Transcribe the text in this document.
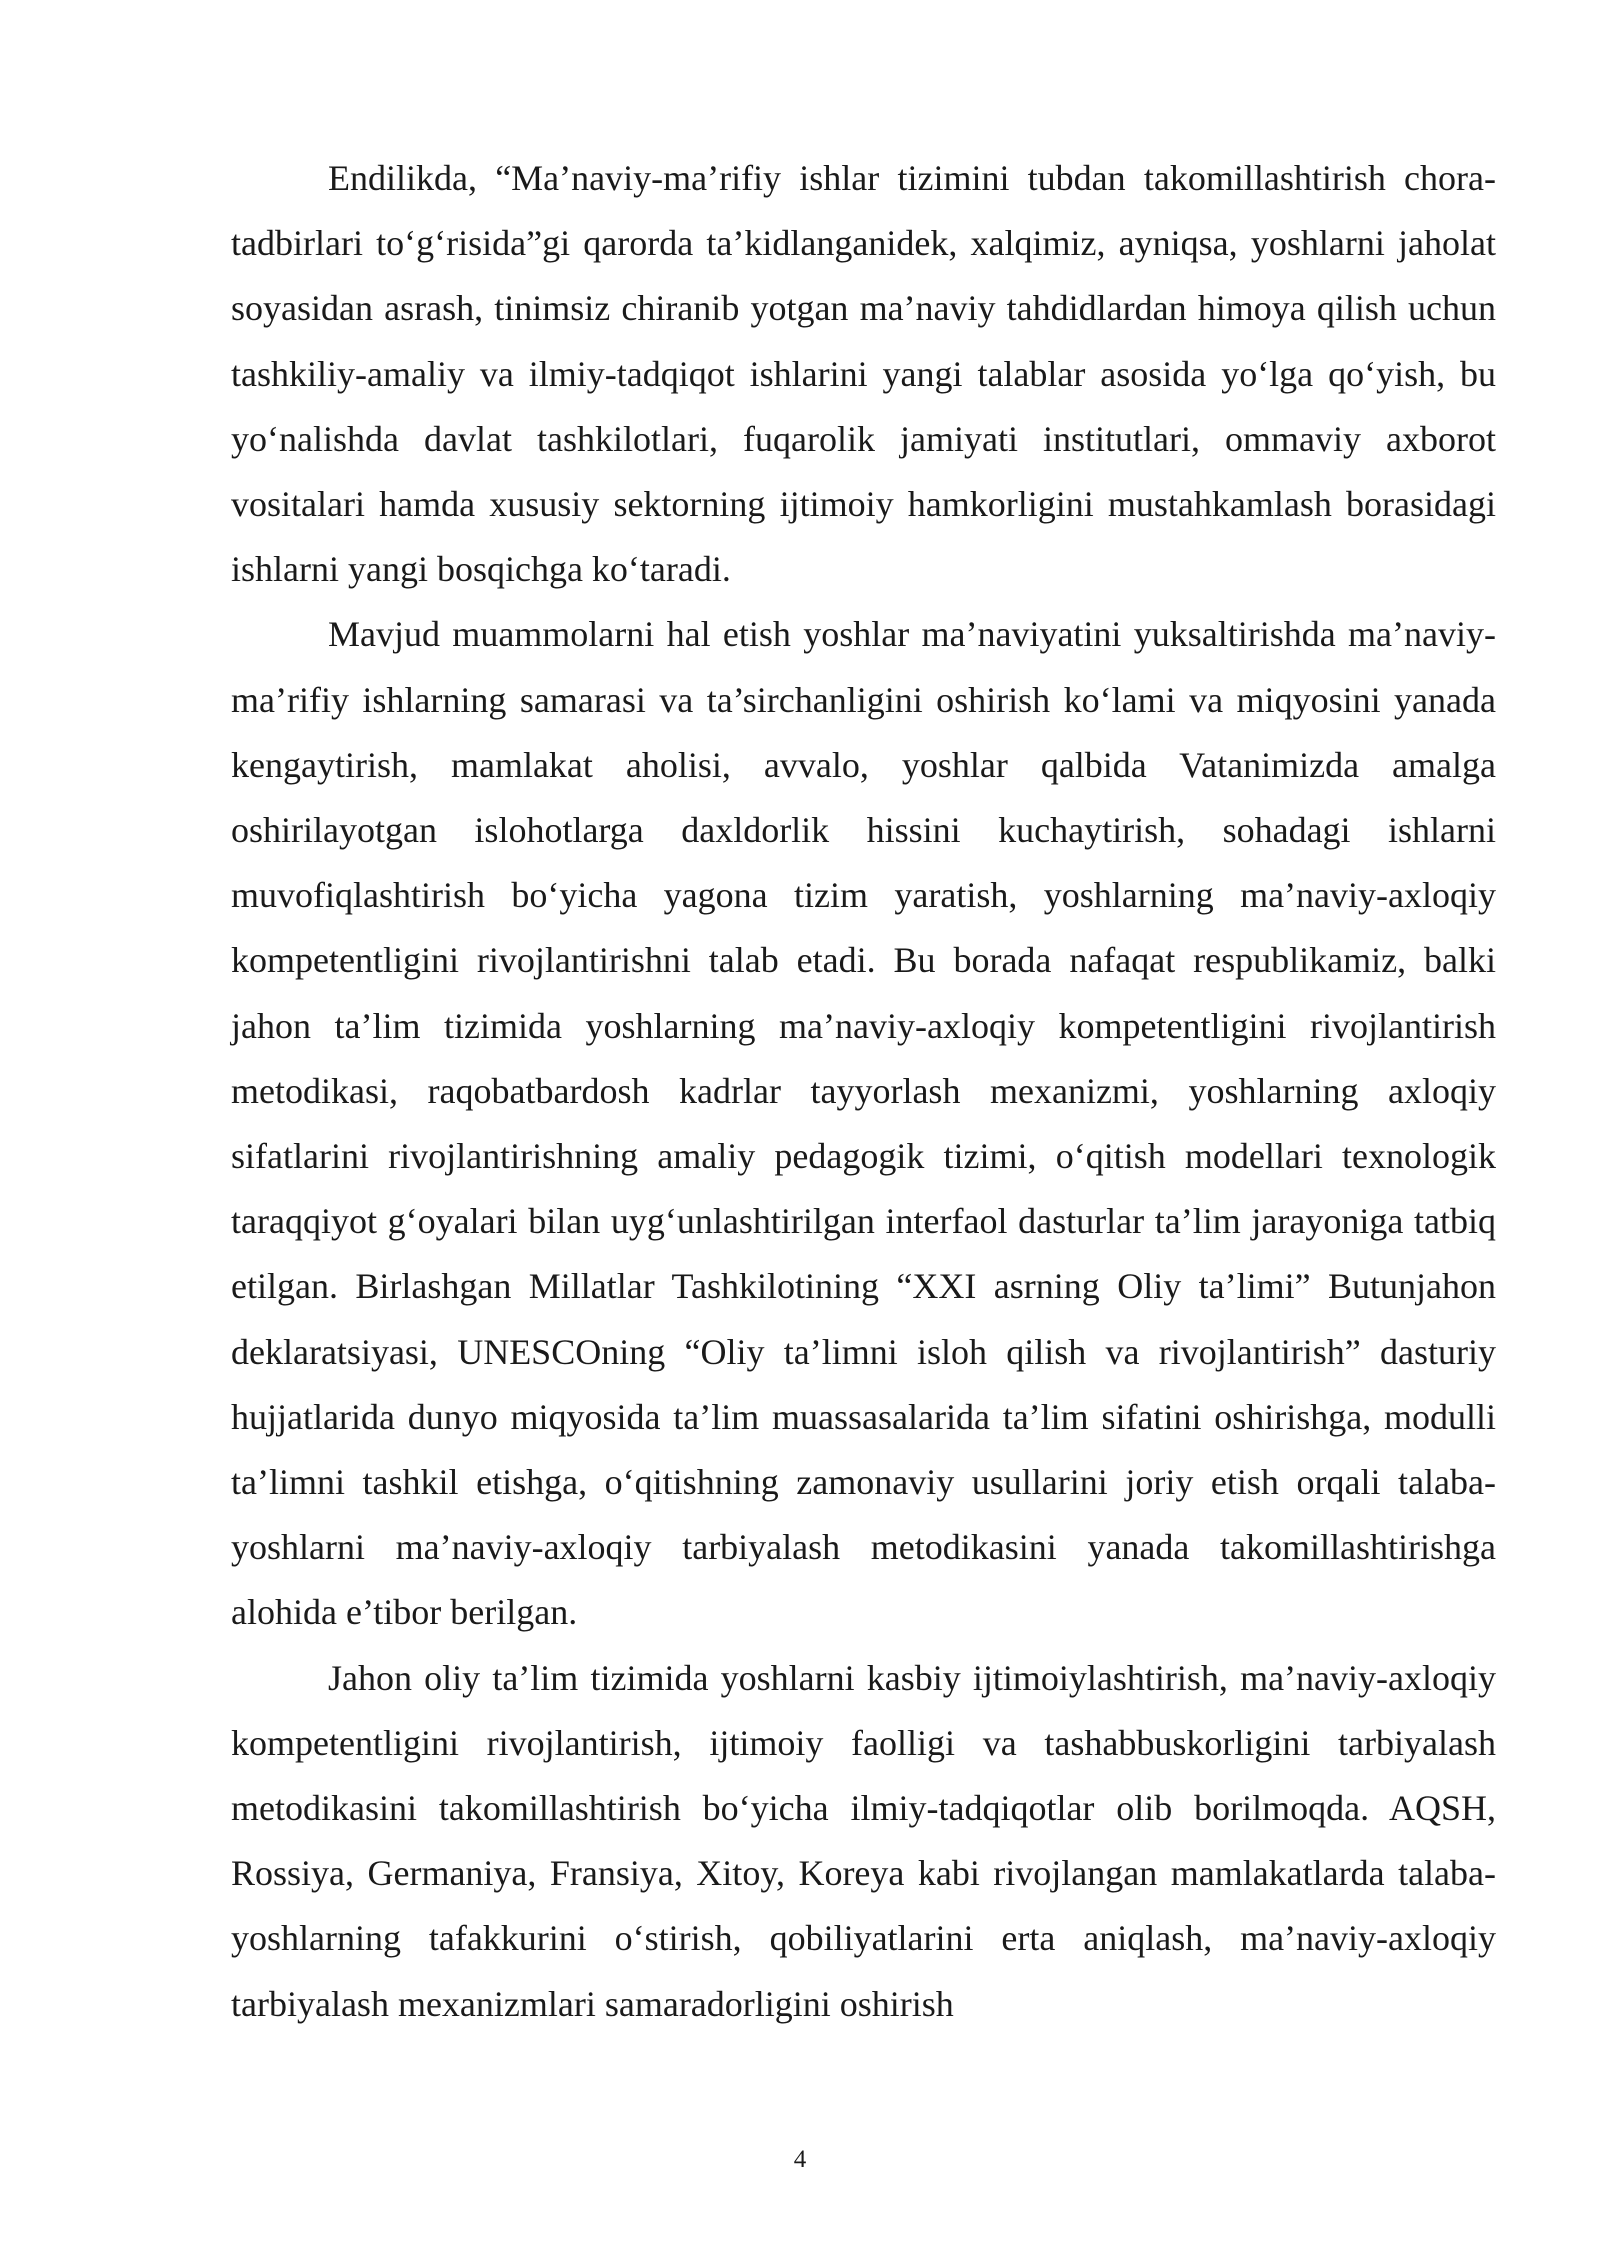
Endilikda, “Ma’naviy-ma’rifiy ishlar tizimini tubdan takomillashtirish chora-tadbirlari to‘g‘risida”gi qarorda ta’kidlanganidek, xalqimiz, ayniqsa, yoshlarni jaholat soyasidan asrash, tinimsiz chiranib yotgan ma’naviy tahdidlardan himoya qilish uchun tashkiliy-amaliy va ilmiy-tadqiqot ishlarini yangi talablar asosida yo‘lga qo‘yish, bu yo‘nalishda davlat tashkilotlari, fuqarolik jamiyati institutlari, ommaviy axborot vositalari hamda xususiy sektorning ijtimoiy hamkorligini mustahkamlash borasidagi ishlarni yangi bosqichga ko‘taradi.

Mavjud muammolarni hal etish yoshlar ma’naviyatini yuksaltirishda ma’naviy-ma’rifiy ishlarning samarasi va ta’sirchanligini oshirish ko‘lami va miqyosini yanada kengaytirish, mamlakat aholisi, avvalo, yoshlar qalbida Vatanimizda amalga oshirilayotgan islohotlarga daxldorlik hissini kuchaytirish, sohadagi ishlarni muvofiqlashtirish bo‘yicha yagona tizim yaratish, yoshlarning ma’naviy-axloqiy kompetentligini rivojlantirishni talab etadi. Bu borada nafaqat respublikamiz, balki jahon ta’lim tizimida yoshlarning ma’naviy-axloqiy kompetentligini rivojlantirish metodikasi, raqobatbardosh kadrlar tayyorlash mexanizmi, yoshlarning axloqiy sifatlarini rivojlantirishning amaliy pedagogik tizimi, o‘qitish modellari texnologik taraqqiyot g‘oyalari bilan uyg‘unlashtirilgan interfaol dasturlar ta’lim jarayoniga tatbiq etilgan. Birlashgan Millatlar Tashkilotining “XXI asrning Oliy ta’limi” Butunjahon deklaratsiyasi, UNESCOning “Oliy ta’limni isloh qilish va rivojlantirish” dasturiy hujjatlarida dunyo miqyosida ta’lim muassasalarida ta’lim sifatini oshirishga, modulli ta’limni tashkil etishga, o‘qitishning zamonaviy usullarini joriy etish orqali talaba-yoshlarni ma’naviy-axloqiy tarbiyalash metodikasini yanada takomillashtirishga alohida e’tibor berilgan.

Jahon oliy ta’lim tizimida yoshlarni kasbiy ijtimoiylashtirish, ma’naviy-axloqiy kompetentligini rivojlantirish, ijtimoiy faolligi va tashabbuskorligini tarbiyalash metodikasini takomillashtirish bo‘yicha ilmiy-tadqiqotlar olib borilmoqda. AQSH, Rossiya, Germaniya, Fransiya, Xitoy, Koreya kabi rivojlangan mamlakatlarda talaba-yoshlarning tafakkurini o‘stirish, qobiliyatlarini erta aniqlash, ma’naviy-axloqiy tarbiyalash mexanizmlari samaradorligini oshirish

4
